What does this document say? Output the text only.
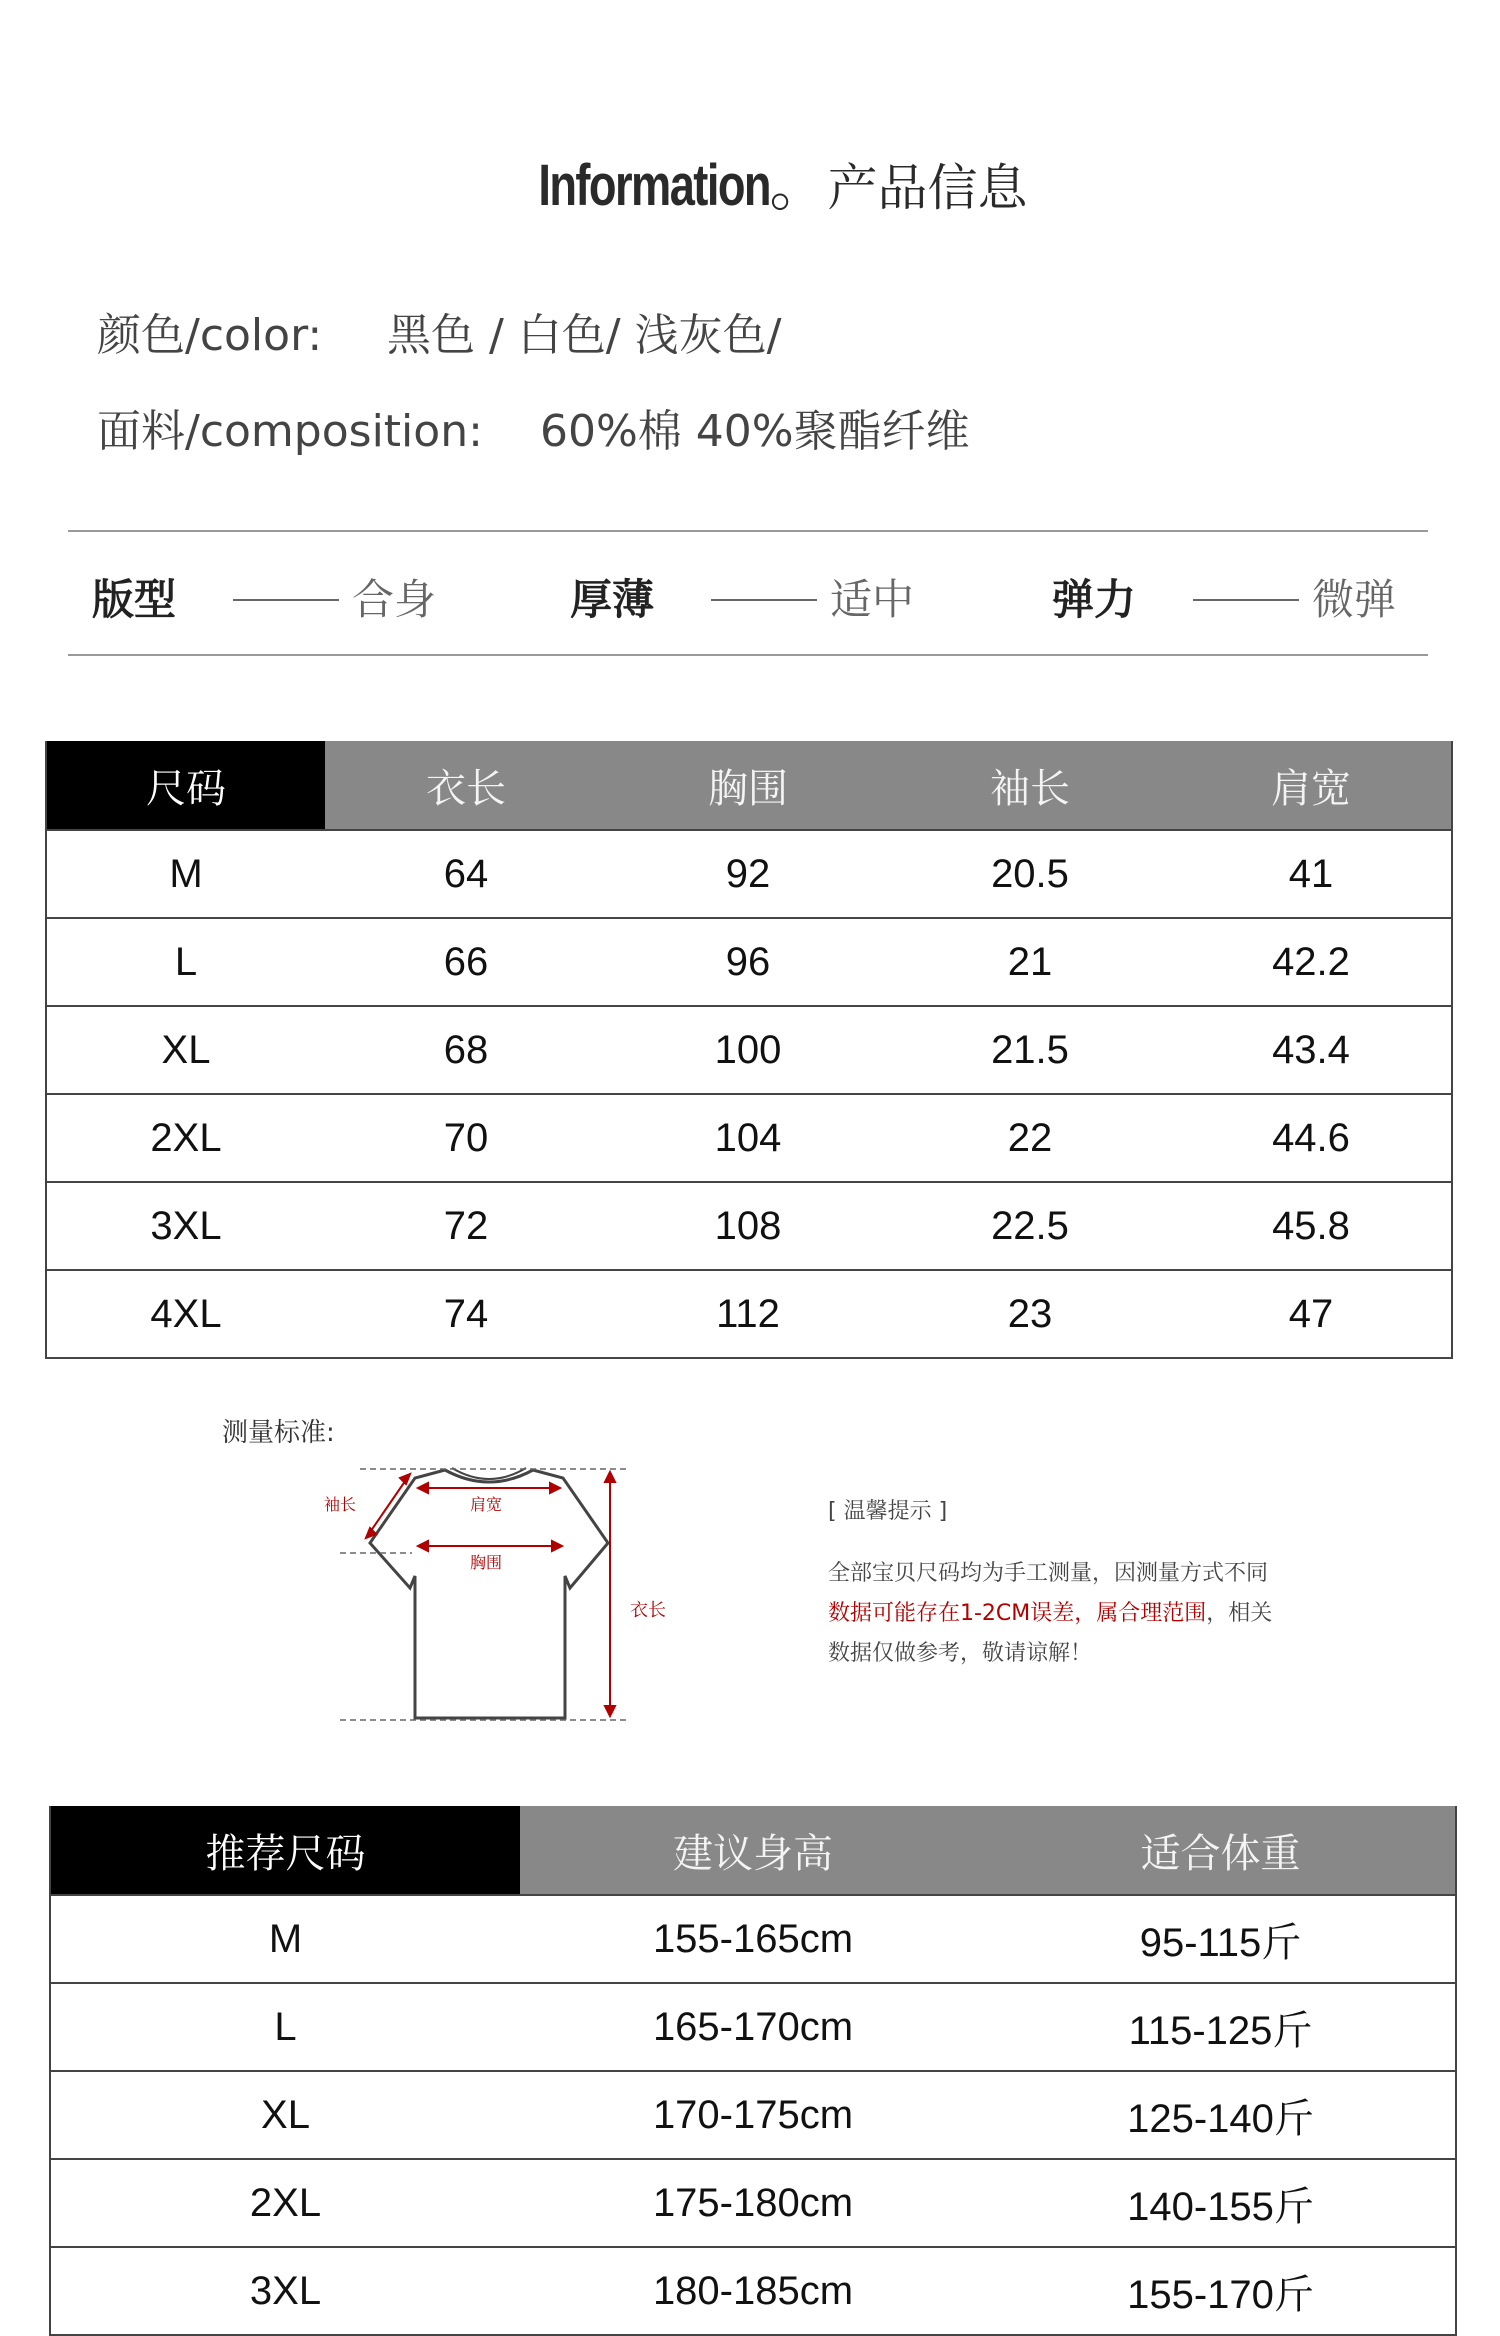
Information。产品信息
颜色/color: 黑色 / 白色/ 浅灰色/
面料/composition: 60%棉 40%聚酯纤维
版型	合身	厚薄	适中	弹力	微弹
尺码	衣长	胸围	袖长	肩宽
M	64	92	20.5	41
L	66	96	21	42.2
XL	68	100	21.5	43.4
2XL	70	104	22	44.6
3XL	72	108	22.5	45.8
4XL	74	112	23	47
测量标准:
袖长	肩宽
胸围
衣长
[ 温馨提示 ]
全部宝贝尺码均为手工测量，因测量方式不同
数据可能存在1-2CM误差，属合理范围，相关
数据仅做参考，敬请谅解！
推荐尺码	建议身高	适合体重
M	155-165cm	95-115斤
L	165-170cm	115-125斤
XL	170-175cm	125-140斤
2XL	175-180cm	140-155斤
3XL	180-185cm	155-170斤
